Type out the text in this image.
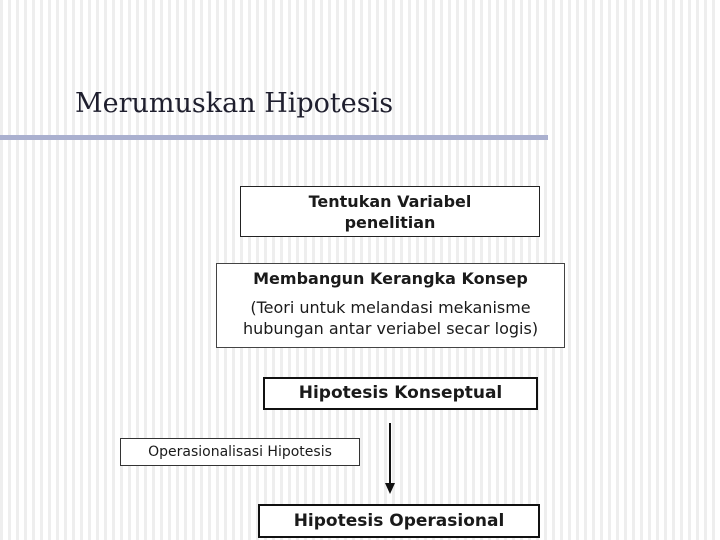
Merumuskan Hipotesis
Tentukan Variabel
penelitian
Membangun Kerangka Konsep
(Teori untuk melandasi mekanisme
hubungan antar veriabel secar logis)
Hipotesis Konseptual
Operasionalisasi Hipotesis
Hipotesis Operasional
